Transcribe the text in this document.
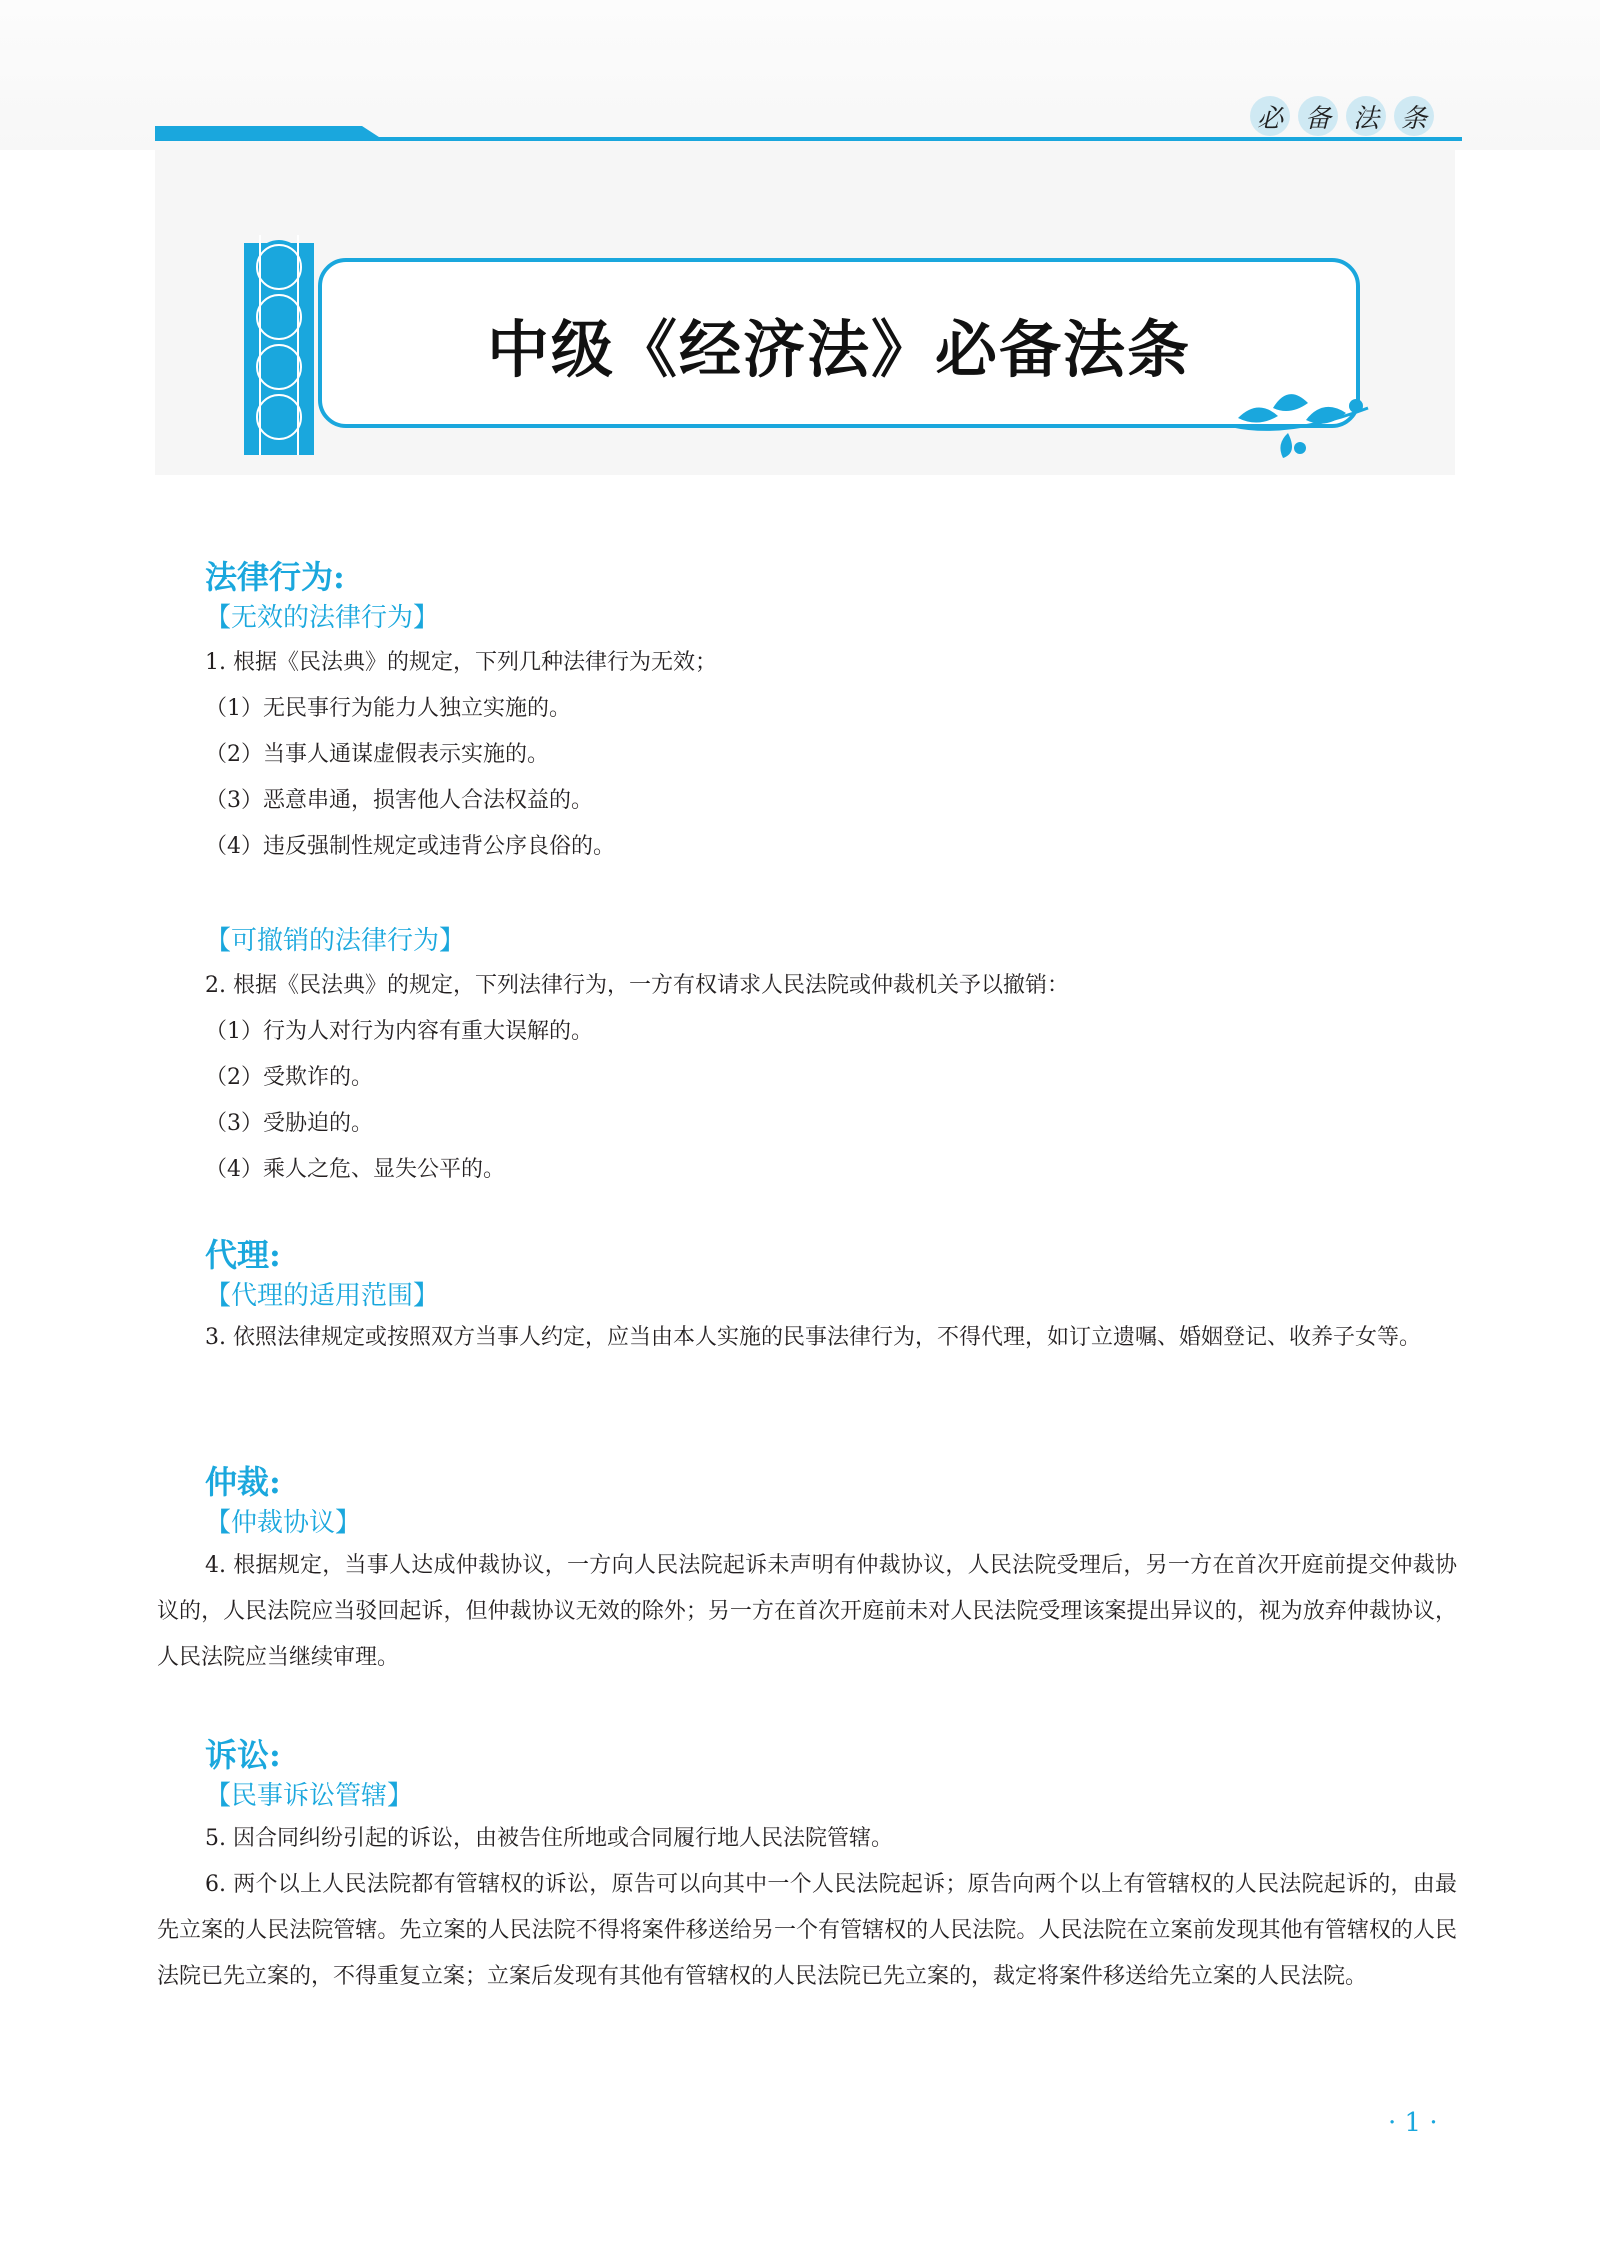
必 备 法 条
中级《经济法》必备法条
法律行为:
【无效的法律行为】
1. 根据《民法典》的规定，下列几种法律行为无效；
（1）无民事行为能力人独立实施的。
（2）当事人通谋虚假表示实施的。
（3）恶意串通，损害他人合法权益的。
（4）违反强制性规定或违背公序良俗的。
【可撤销的法律行为】
2. 根据《民法典》的规定，下列法律行为，一方有权请求人民法院或仲裁机关予以撤销：
（1）行为人对行为内容有重大误解的。
（2）受欺诈的。
（3）受胁迫的。
（4）乘人之危、显失公平的。
代理:
【代理的适用范围】
3. 依照法律规定或按照双方当事人约定，应当由本人实施的民事法律行为，不得代理，如订立遗嘱、婚姻登记、收养子女等。
仲裁:
【仲裁协议】
4. 根据规定，当事人达成仲裁协议，一方向人民法院起诉未声明有仲裁协议，人民法院受理后，另一方在首次开庭前提交仲裁协议的，人民法院应当驳回起诉，但仲裁协议无效的除外；另一方在首次开庭前未对人民法院受理该案提出异议的，视为放弃仲裁协议，人民法院应当继续审理。
诉讼:
【民事诉讼管辖】
5. 因合同纠纷引起的诉讼，由被告住所地或合同履行地人民法院管辖。
6. 两个以上人民法院都有管辖权的诉讼，原告可以向其中一个人民法院起诉；原告向两个以上有管辖权的人民法院起诉的，由最先立案的人民法院管辖。先立案的人民法院不得将案件移送给另一个有管辖权的人民法院。人民法院在立案前发现其他有管辖权的人民法院已先立案的，不得重复立案；立案后发现有其他有管辖权的人民法院已先立案的，裁定将案件移送给先立案的人民法院。
· 1 ·
